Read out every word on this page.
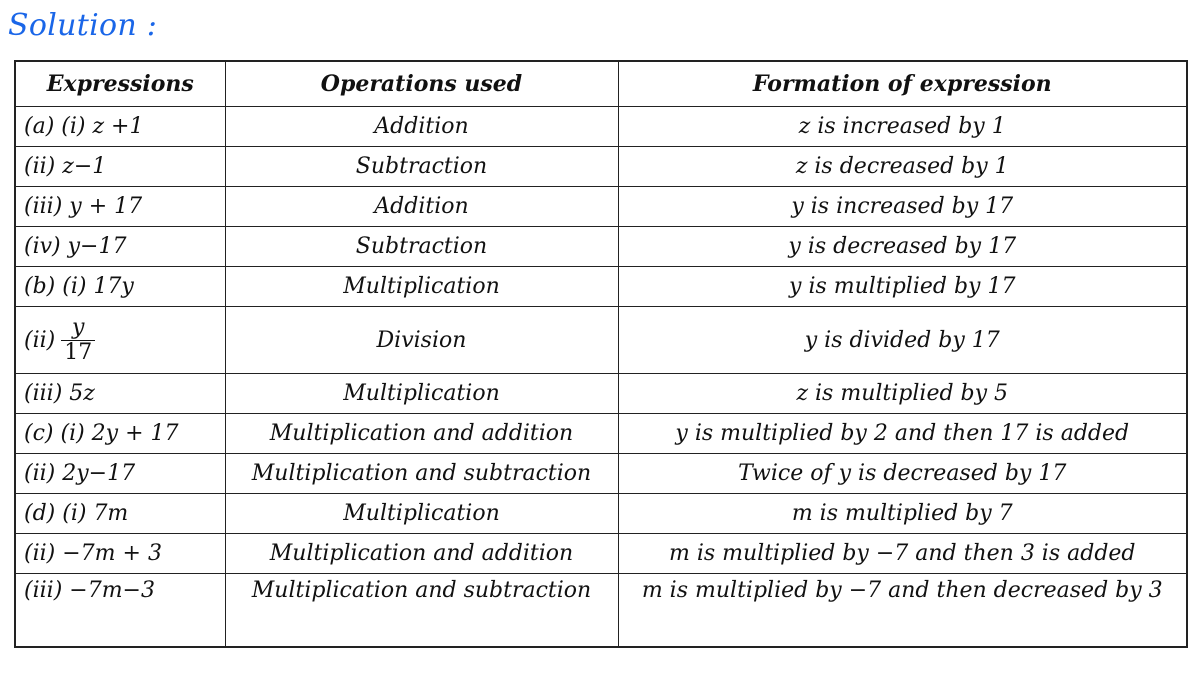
Solution :
Expressions	Operations used	Formation of expression
(a) (i) z +1	Addition	z is increased by 1
(ii) z−1	Subtraction	z is decreased by 1
(iii) y + 17	Addition	y is increased by 17
(iv) y−17	Subtraction	y is decreased by 17
(b) (i) 17y	Multiplication	y is multiplied by 17
$(ii) \frac{y}{17}$	Division	y is divided by 17
(iii) 5z	Multiplication	z is multiplied by 5
(c) (i) 2y + 17	Multiplication and addition	y is multiplied by 2 and then 17 is added
(ii) 2y−17	Multiplication and subtraction	Twice of y is decreased by 17
(d) (i) 7m	Multiplication	m is multiplied by 7
(ii) −7m + 3	Multiplication and addition	m is multiplied by −7 and then 3 is added
(iii) −7m−3	Multiplication and subtraction	m is multiplied by −7 and then decreased by 3
